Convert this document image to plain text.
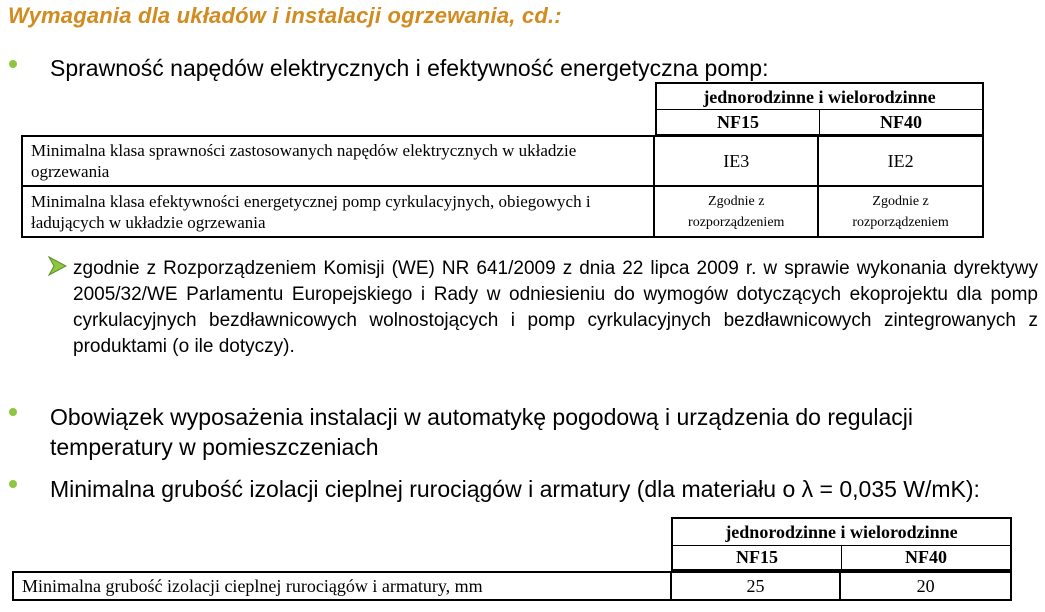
Wymagania dla układów i instalacji ogrzewania, cd.:
Sprawność napędów elektrycznych i efektywność energetyczna pomp:
jednorodzinne i wielorodzinne
NF15	NF40
Minimalna klasa sprawności zastosowanych napędów elektrycznych w układzie ogrzewania	IE3	IE2
Minimalna klasa efektywności energetycznej pomp cyrkulacyjnych, obiegowych i ładujących w układzie ogrzewania	Zgodnie z rozporządzeniem	Zgodnie z rozporządzeniem
zgodnie z Rozporządzeniem Komisji (WE) NR 641/2009 z dnia 22 lipca 2009 r. w sprawie wykonania dyrektywy 2005/32/WE Parlamentu Europejskiego i Rady w odniesieniu do wymogów dotyczących ekoprojektu dla pomp cyrkulacyjnych bezdławnicowych wolnostojących i pomp cyrkulacyjnych bezdławnicowych zintegrowanych z produktami (o ile dotyczy).
Obowiązek wyposażenia instalacji w automatykę pogodową i urządzenia do regulacji temperatury w pomieszczeniach
Minimalna grubość izolacji cieplnej rurociągów i armatury (dla materiału o λ = 0,035 W/mK):
jednorodzinne i wielorodzinne
NF15	NF40
Minimalna grubość izolacji cieplnej rurociągów i armatury, mm	25	20
